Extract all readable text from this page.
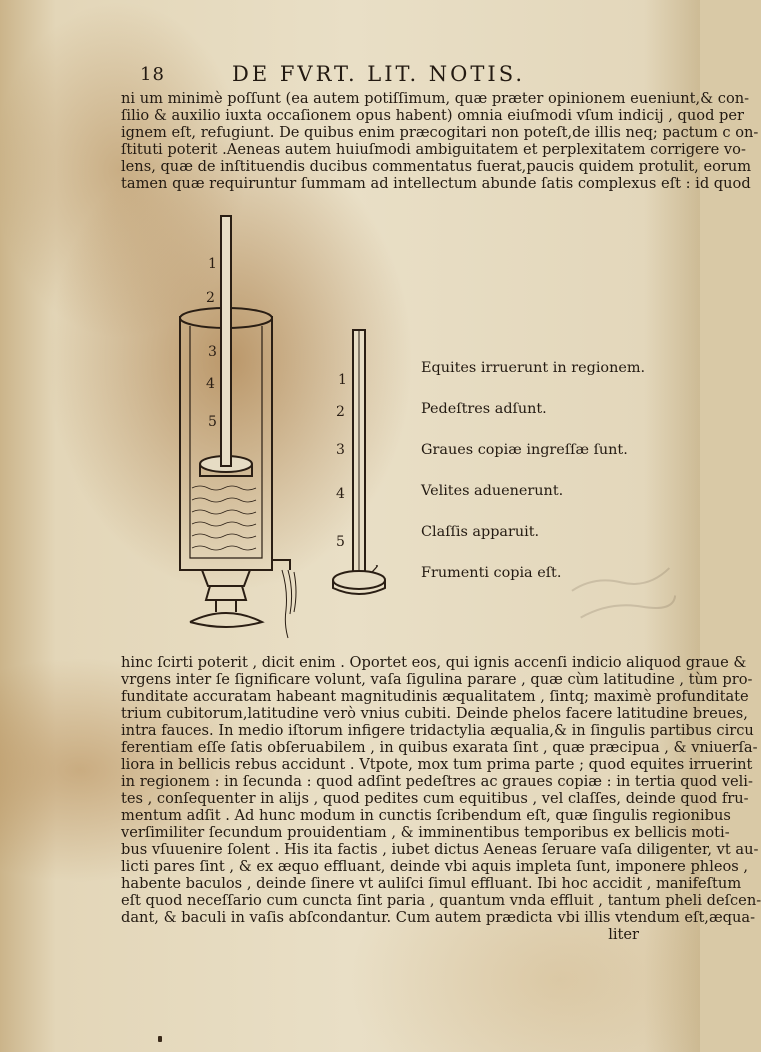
18	DE FVRT. LIT. NOTIS.
ni um minimè poſſunt (ea autem potiſſimum, quæ præter opinionem eueniunt,& con-
ſilio & auxilio iuxta occaſionem opus habent) omnia eiuſmodi vſum indicij , quod per
ignem eſt, refugiunt. De quibus enim præcogitari non poteſt,de illis neq; pactum c on-
ſtituti poterit .Aeneas autem huiuſmodi ambiguitatem et perplexitatem corrigere vo-
lens, quæ de inſtituendis ducibus commentatus fuerat,paucis quidem protulit, eorum
tamen quæ requiruntur ſummam ad intellectum abunde ſatis complexus eſt : id quod
1
2
3
4
5
1
2
3
4
5
Equites irruerunt in regionem.
Pedeſtres adſunt.
Graues copiæ ingreſſæ ſunt.
Velites aduenerunt.
Claſſis apparuit.
Frumenti copia eſt.
hinc ſcirti poterit , dicit enim . Oportet eos, qui ignis accenſi indicio aliquod graue &
vrgens inter ſe ſignificare volunt, vaſa ſigulina parare , quæ cùm latitudine , tùm pro-
funditate accuratam habeant magnitudinis æqualitatem , ſintq; maximè profunditate
trium cubitorum,latitudine verò vnius cubiti. Deinde phelos facere latitudine breues,
intra fauces. In medio iſtorum infigere tridactylia æqualia,& in ſingulis partibus circu
ferentiam eſſe ſatis obſeruabilem , in quibus exarata ſint , quæ præcipua , & vniuerſa-
liora in bellicis rebus accidunt . Vtpote, mox tum prima parte ; quod equites irruerint
in regionem : in ſecunda : quod adſint pedeſtres ac graues copiæ : in tertia quod veli-
tes , conſequenter in alijs , quod pedites cum equitibus , vel claſſes, deinde quod fru-
mentum adſit . Ad hunc modum in cunctis ſcribendum eſt, quæ ſingulis regionibus
verſimiliter ſecundum prouidentiam , & imminentibus temporibus ex bellicis moti-
bus vſuuenire ſolent . His ita factis , iubet dictus Aeneas ſeruare vaſa diligenter, vt au-
licti pares ſint , & ex æquo effluant, deinde vbi aquis impleta ſunt, imponere phleos ,
habente baculos , deinde ſinere vt auliſci ſimul effluant. Ibi hoc accidit , manifeſtum
eſt quod neceſſario cum cuncta ſint paria , quantum vnda effluit , tantum pheli deſcen-
dant, & baculi in vaſis abſcondantur. Cum autem prædicta vbi illis vtendum eſt,æqua-
liter
